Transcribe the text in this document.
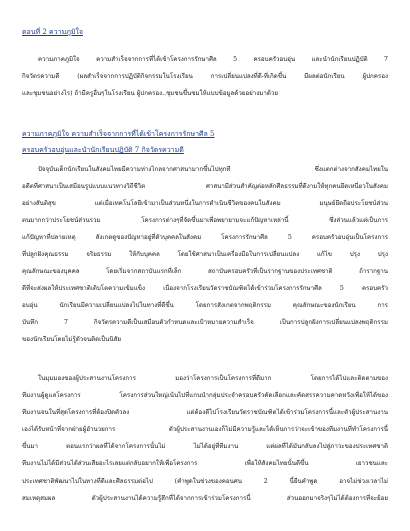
ตอนที่ 2 ความภูมิใจ
ความภาคภูมิใจ ความสำเร็จจากการที่ได้เข้าโครงการรักษาศีล 5 ครอบครัวอบอุ่น และนำนักเรียนปฏิบัติ 7
กิจวัตรความดี (ผลสำเร็จจากการปฏิบัติกิจกรรมในโรงเรียน การเปลี่ยนแปลงที่ดี-ที่เกิดขึ้น มีผลต่อนักเรียน ผู้ปกครอง
และชุมชนอย่างไร) ถ้ามีครูอื่นๆในโรงเรียน ผู้ปกครอง..ชุมชนขึ้นชมให้แบบข้อมูลด้วยอย่างมาด้วย
ความภาคภูมิใจ ความสำเร็จจากการที่ได้เข้าโครงการรักษาศีล 5
ครอบครัวอบอุ่นและนำนักเรียนปฏิบัติ 7 กิจวัตรความดี
ปัจจุบันเด็กนักเรียนในสังคมไทยมีความห่างไกลจากศาสนามากขึ้นไปทุกที ซึ่งแตกต่างจากสังคมไทยใน
อดีตที่ศาสนาเป็นเสมือนรูปแบบแนวทางวิถีชีวิต ศาสนามีส่วนสำคัญต่อหลักศีลธรรมที่ดีงามให้ทุกคนยึดเหนี่ยวในสังคม
อย่างสันติสุข แต่เมื่อเทคโนโลยีเข้ามาเป็นส่วนหนึ่งในการดำเนินชีวิตของคนในสังคม มนุษย์ยึดถือประโยชน์ส่วน
ตนมากกว่าประโยชน์ส่วนรวม โครงการต่างๆที่จัดขึ้นมาเพื่อพยายามจะแก้ปัญหาเหล่านี้ ซึ่งส่วนแล้วแต่เป็นการ
แก้ปัญหาที่ปลายเหตุ สังเกตดูของปัญหาอยู่ที่ตัวบุคคลในสังคม โครงการรักษาศีล 5 ครอบครัวอบอุ่นเป็นโครงการ
ที่ปลูกฝังคุณธรรม จริยธรรม ให้กับบุคคล โดยใช้ศาสนาเป็นเครื่องมือในการเปลี่ยนแปลง แก้ไข ปรุง ปรุง
คุณลักษณะของบุคคล โดยเริ่มจากสถาบันแรกที่เล็ก สถาบันครอบครัวที่เป็นรากฐานของประเทศชาติ ถ้ารากฐาน
ดีที่จะส่งผลให้ประเทศชาติเติบโตความเข้มแข็ง เนื่องจากโรงเรียนวัดราชบัณฑิตได้เข้าร่วมโครงการรักษาศีล 5 ครอบครัว
อบอุ่น นักเรียนมีความเปลี่ยนแปลงไปในทางที่ดีขึ้น โดยการสังเกตจากพฤติกรรม คุณลักษณะของนักเรียน การ
บันทึก 7 กิจวัตรความดีเป็นเสมือนตัวกำหนดและเป้าหมายความสำเร็จ เป็นการปลูกฝังการเปลี่ยนแปลงพฤติกรรม
ของนักเรียนโดยไม่รู้ตัวจนติดเป็นนิสัย
ในมุมมองของผู้ประสานงานโครงการ มองว่าโครงการเป็นโครงการที่ดีมาก โดยการได้ไปและติดตามของ
ทีมงานผู้ดูแลโครงการ โครงการส่วนใหญ่เน้นไปที่แกนนำกลุ่มประจำครอบครัวคัดเลือกและคัดสรรความคาดหวังเพื่อให้ได้ของ
ทีมงานจนในที่สุดโครงการที่ต้องปิดตัวลง แต่ต้องดีไปโรงเรียนวัดราชบัณฑิตได้เข้าร่วมโครงการนี้และตัวผู้ประสานงาน
เองได้รับหน้าที่จากฝ่ายผู้อำนวยการ ตัวผู้ประสานงานเองก็ไม่มีความรู้และได้เห็นการว่าจะเข้าของทีมงานที่ทำโครงการนี้
ขึ้นมา ตอนแรกว่าผลที่ได้จากโครงการนั้นไม่ ไม่ได้อยู่ที่ทีมงาน แต่ผลที่ได้มันกลับลงไปสู่ภาวะของประเทศชาติ
ทีมงานไม่ได้มีส่วนได้ส่วนเสียอะไรเลยแต่กลับอยากให้เพื่อโครงการ เพื่อให้สังคมไทยนั้นดีขึ้น เยาวชนและ
ประเทศชาติพัฒนาไปในทางที่ดีและศีลธรรมต่อไป (คำพูดในช่วงของคอนศน 2 นี้ยืนคำพูด อาจไม่ช่วงเวลาไม่
สมเหตุสมผล ตัวผู้ประสานงานได้ความรู้สึกที่ได้จากการเข้าร่วมโครงการนี้ ส่วนออกมาจริงๆไม่ได้ต้องการที่จะย้อย
